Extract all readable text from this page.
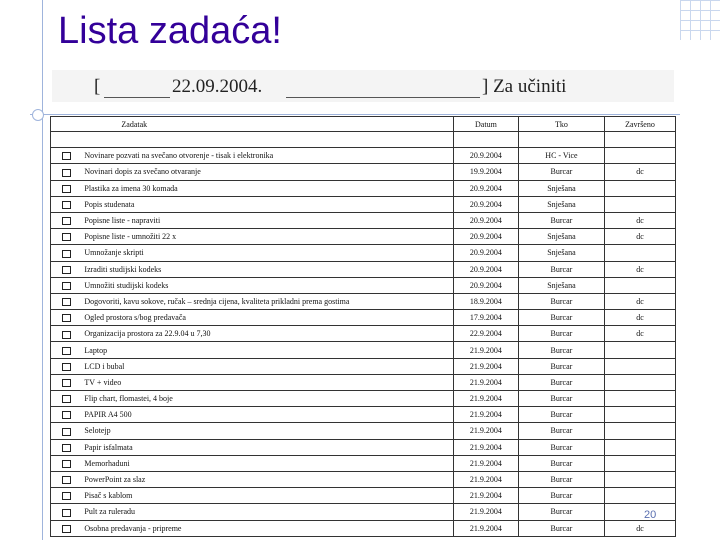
Lista zadaća!
[	22.09.2004.	] Za učiniti
	Zadatak	Datum	Tko	Završeno

	Novinare pozvati na svečano otvorenje - tisak i elektronika	20.9.2004	HC - Vice	
	Novinari dopis za svečano otvaranje	19.9.2004	Burcar	dc
	Plastika za imena 30 komada	20.9.2004	Snješana	
	Popis studenata	20.9.2004	Snješana	
	Popisne liste - napraviti	20.9.2004	Burcar	dc
	Popisne liste - umnožiti 22 x	20.9.2004	Snješana	dc
	Umnožanje skripti	20.9.2004	Snješana	
	Izraditi studijski kodeks	20.9.2004	Burcar	dc
	Umnožiti studijski kodeks	20.9.2004	Snješana	
	Dogovoriti, kavu sokove, ručak – srednja cijena, kvaliteta prikladni prema gostima	18.9.2004	Burcar	dc
	Ogled prostora s/bog predavača	17.9.2004	Burcar	dc
	Organizacija prostora za 22.9.04 u 7,30	22.9.2004	Burcar	dc
	Laptop	21.9.2004	Burcar	
	LCD i bubal	21.9.2004	Burcar	
	TV + video	21.9.2004	Burcar	
	Flip chart, flomastei, 4 boje	21.9.2004	Burcar	
	PAPIR A4 500	21.9.2004	Burcar	
	Selotejp	21.9.2004	Burcar	
	Papir isfalmata	21.9.2004	Burcar	
	Memorhaduni	21.9.2004	Burcar	
	PowerPoint za slaz	21.9.2004	Burcar	
	Pisač s kablom	21.9.2004	Burcar	
	Pult za ruleradu	21.9.2004	Burcar	
	Osobna predavanja - pripreme	21.9.2004	Burcar	dc
20
